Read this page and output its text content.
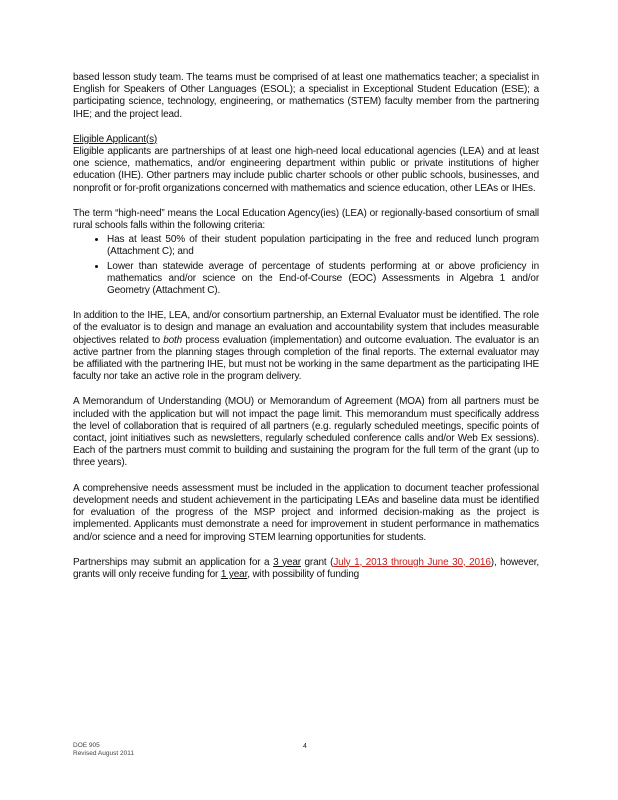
based lesson study team. The teams must be comprised of at least one mathematics teacher; a specialist in English for Speakers of Other Languages (ESOL); a specialist in Exceptional Student Education (ESE); a participating science, technology, engineering, or mathematics (STEM) faculty member from the partnering IHE; and the project lead.

Eligible Applicant(s)

Eligible applicants are partnerships of at least one high-need local educational agencies (LEA) and at least one science, mathematics, and/or engineering department within public or private institutions of higher education (IHE). Other partners may include public charter schools or other public schools, businesses, and nonprofit or for-profit organizations concerned with mathematics and science education, other LEAs or IHEs.

The term “high-need” means the Local Education Agency(ies) (LEA) or regionally-based consortium of small rural schools falls within the following criteria:

• Has at least 50% of their student population participating in the free and reduced lunch program (Attachment C); and
• Lower than statewide average of percentage of students performing at or above proficiency in mathematics and/or science on the End-of-Course (EOC) Assessments in Algebra 1 and/or Geometry (Attachment C).

In addition to the IHE, LEA, and/or consortium partnership, an External Evaluator must be identified. The role of the evaluator is to design and manage an evaluation and accountability system that includes measurable objectives related to both process evaluation (implementation) and outcome evaluation. The evaluator is an active partner from the planning stages through completion of the final reports. The external evaluator may be affiliated with the partnering IHE, but must not be working in the same department as the participating IHE faculty nor take an active role in the program delivery.

A Memorandum of Understanding (MOU) or Memorandum of Agreement (MOA) from all partners must be included with the application but will not impact the page limit. This memorandum must specifically address the level of collaboration that is required of all partners (e.g. regularly scheduled meetings, specific points of contact, joint initiatives such as newsletters, regularly scheduled conference calls and/or Web Ex sessions). Each of the partners must commit to building and sustaining the program for the full term of the grant (up to three years).

A comprehensive needs assessment must be included in the application to document teacher professional development needs and student achievement in the participating LEAs and baseline data must be identified for evaluation of the progress of the MSP project and informed decision-making as the project is implemented. Applicants must demonstrate a need for improvement in student performance in mathematics and/or science and a need for improving STEM learning opportunities for students.

Partnerships may submit an application for a 3 year grant (July 1, 2013 through June 30, 2016), however, grants will only receive funding for 1 year, with possibility of funding

DOE 905
Revised August 2011
4
